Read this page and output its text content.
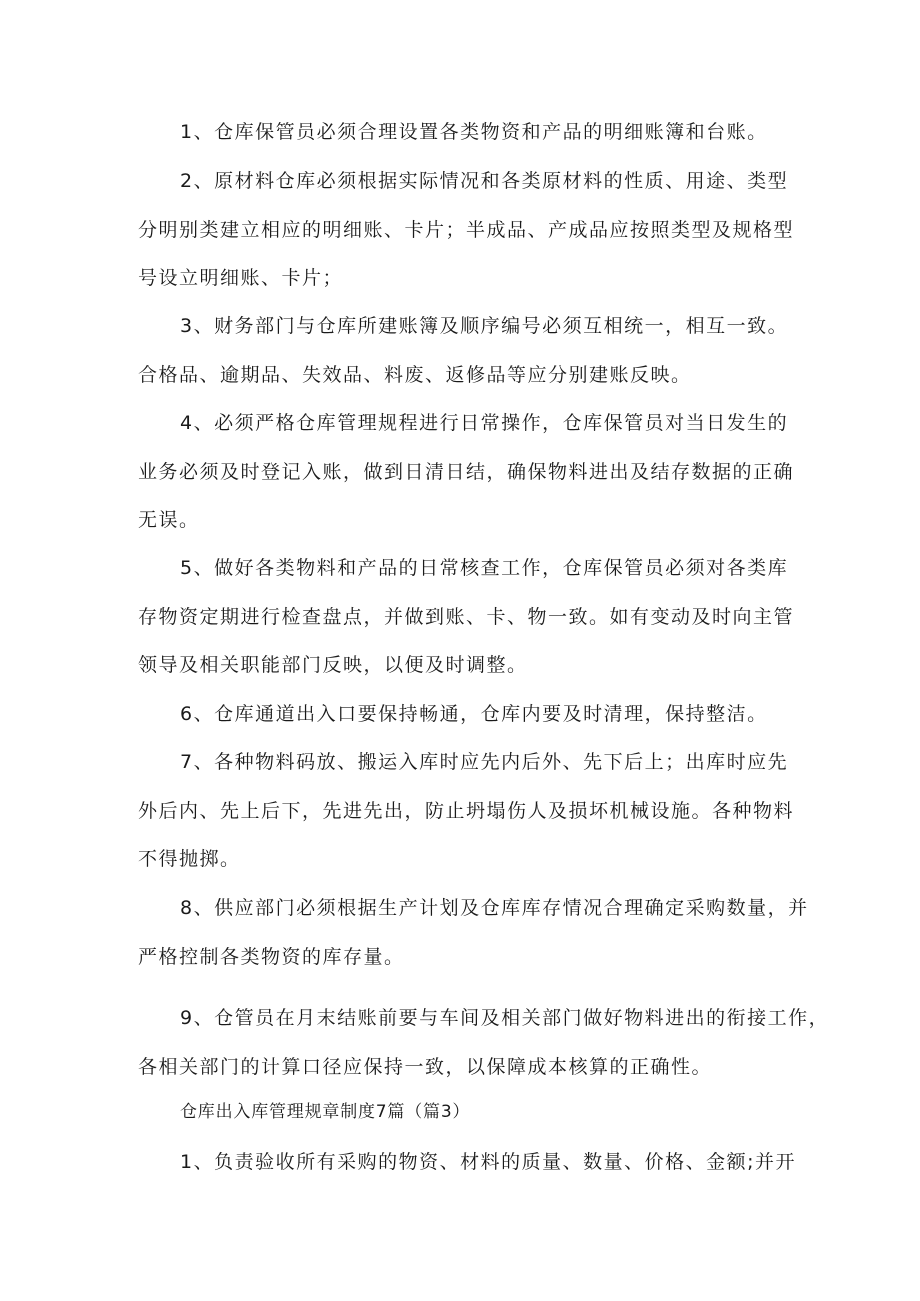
1、仓库保管员必须合理设置各类物资和产品的明细账簿和台账。

2、原材料仓库必须根据实际情况和各类原材料的性质、用途、类型
分明别类建立相应的明细账、卡片；半成品、产成品应按照类型及规格型
号设立明细账、卡片；

3、财务部门与仓库所建账簿及顺序编号必须互相统一，相互一致。
合格品、逾期品、失效品、料废、返修品等应分别建账反映。

4、必须严格仓库管理规程进行日常操作，仓库保管员对当日发生的
业务必须及时登记入账，做到日清日结，确保物料进出及结存数据的正确
无误。

5、做好各类物料和产品的日常核查工作，仓库保管员必须对各类库
存物资定期进行检查盘点，并做到账、卡、物一致。如有变动及时向主管
领导及相关职能部门反映，以便及时调整。

6、仓库通道出入口要保持畅通，仓库内要及时清理，保持整洁。

7、各种物料码放、搬运入库时应先内后外、先下后上；出库时应先
外后内、先上后下，先进先出，防止坍塌伤人及损坏机械设施。各种物料
不得抛掷。

8、供应部门必须根据生产计划及仓库库存情况合理确定采购数量，并
严格控制各类物资的库存量。

9、仓管员在月末结账前要与车间及相关部门做好物料进出的衔接工作，
各相关部门的计算口径应保持一致，以保障成本核算的正确性。

仓库出入库管理规章制度7篇（篇3）

1、负责验收所有采购的物资、材料的质量、数量、价格、金额;并开
